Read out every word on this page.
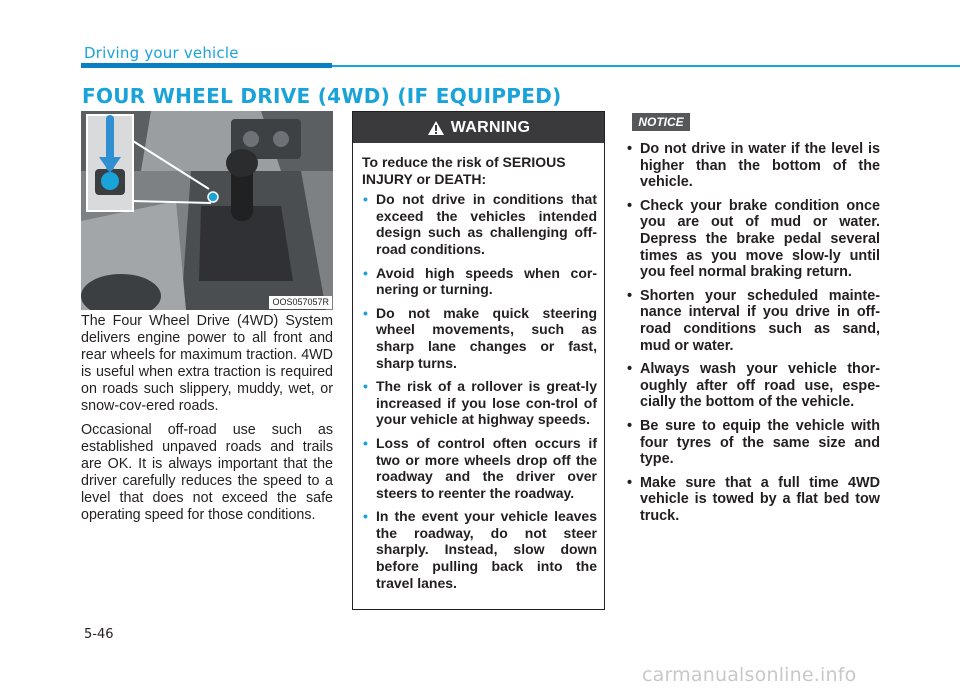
Driving your vehicle
FOUR WHEEL DRIVE (4WD) (IF EQUIPPED)
OOS057057R

The Four Wheel Drive (4WD) System delivers engine power to all front and rear wheels for maximum traction. 4WD is useful when extra traction is required on roads such slippery, muddy, wet, or snow-cov-ered roads.

Occasional off-road use such as established unpaved roads and trails are OK. It is always important that the driver carefully reduces the speed to a level that does not exceed the safe operating speed for those conditions.

WARNING

To reduce the risk of SERIOUS INJURY or DEATH:

• Do not drive in conditions that exceed the vehicles intended design such as challenging off-road conditions.
• Avoid high speeds when cor-nering or turning.
• Do not make quick steering wheel movements, such as sharp lane changes or fast, sharp turns.
• The risk of a rollover is great-ly increased if you lose con-trol of your vehicle at highway speeds.
• Loss of control often occurs if two or more wheels drop off the roadway and the driver over steers to reenter the roadway.
• In the event your vehicle leaves the roadway, do not steer sharply. Instead, slow down before pulling back into the travel lanes.
NOTICE
• Do not drive in water if the level is higher than the bottom of the vehicle.
• Check your brake condition once you are out of mud or water. Depress the brake pedal several times as you move slow-ly until you feel normal braking return.
• Shorten your scheduled mainte-nance interval if you drive in off-road conditions such as sand, mud or water.
• Always wash your vehicle thor-oughly after off road use, espe-cially the bottom of the vehicle.
• Be sure to equip the vehicle with four tyres of the same size and type.
• Make sure that a full time 4WD vehicle is towed by a flat bed tow truck.
5-46
carmanualsonline.info
